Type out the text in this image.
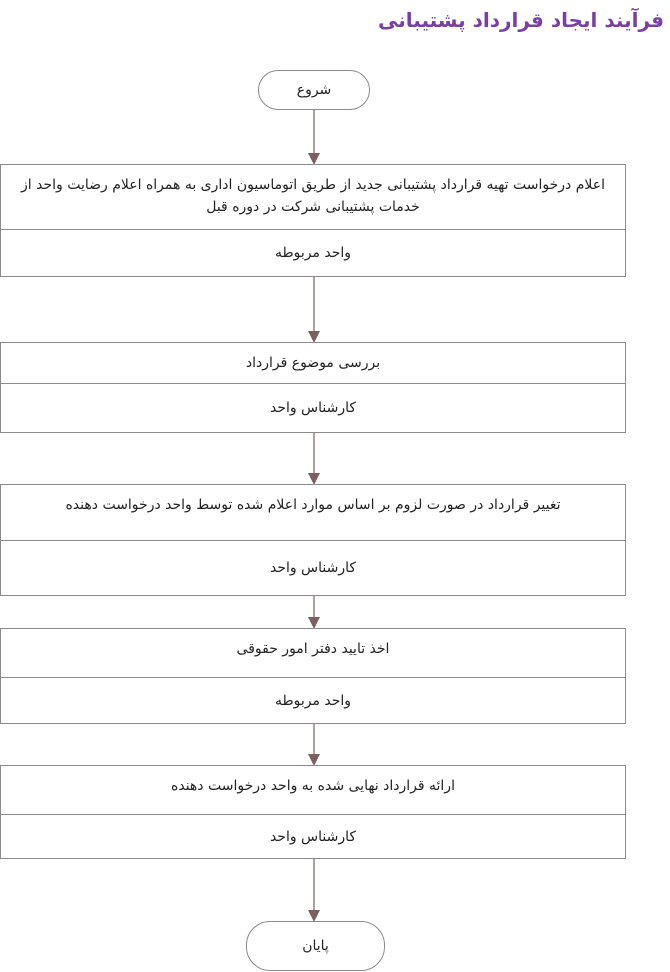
فرآیند ایجاد قرارداد پشتیبانی
شروع
اعلام درخواست تهیه قرارداد پشتیبانی جدید از طریق اتوماسیون اداری به همراه اعلام رضایت واحد از خدمات پشتیبانی شرکت در دوره قبل
واحد مربوطه
بررسی موضوع قرارداد
کارشناس واحد
تغییر قرارداد در صورت لزوم بر اساس موارد اعلام شده توسط واحد درخواست دهنده
کارشناس واحد
اخذ تایید دفتر امور حقوقی
واحد مربوطه
ارائه قرارداد نهایی شده به واحد درخواست دهنده
کارشناس واحد
پایان
